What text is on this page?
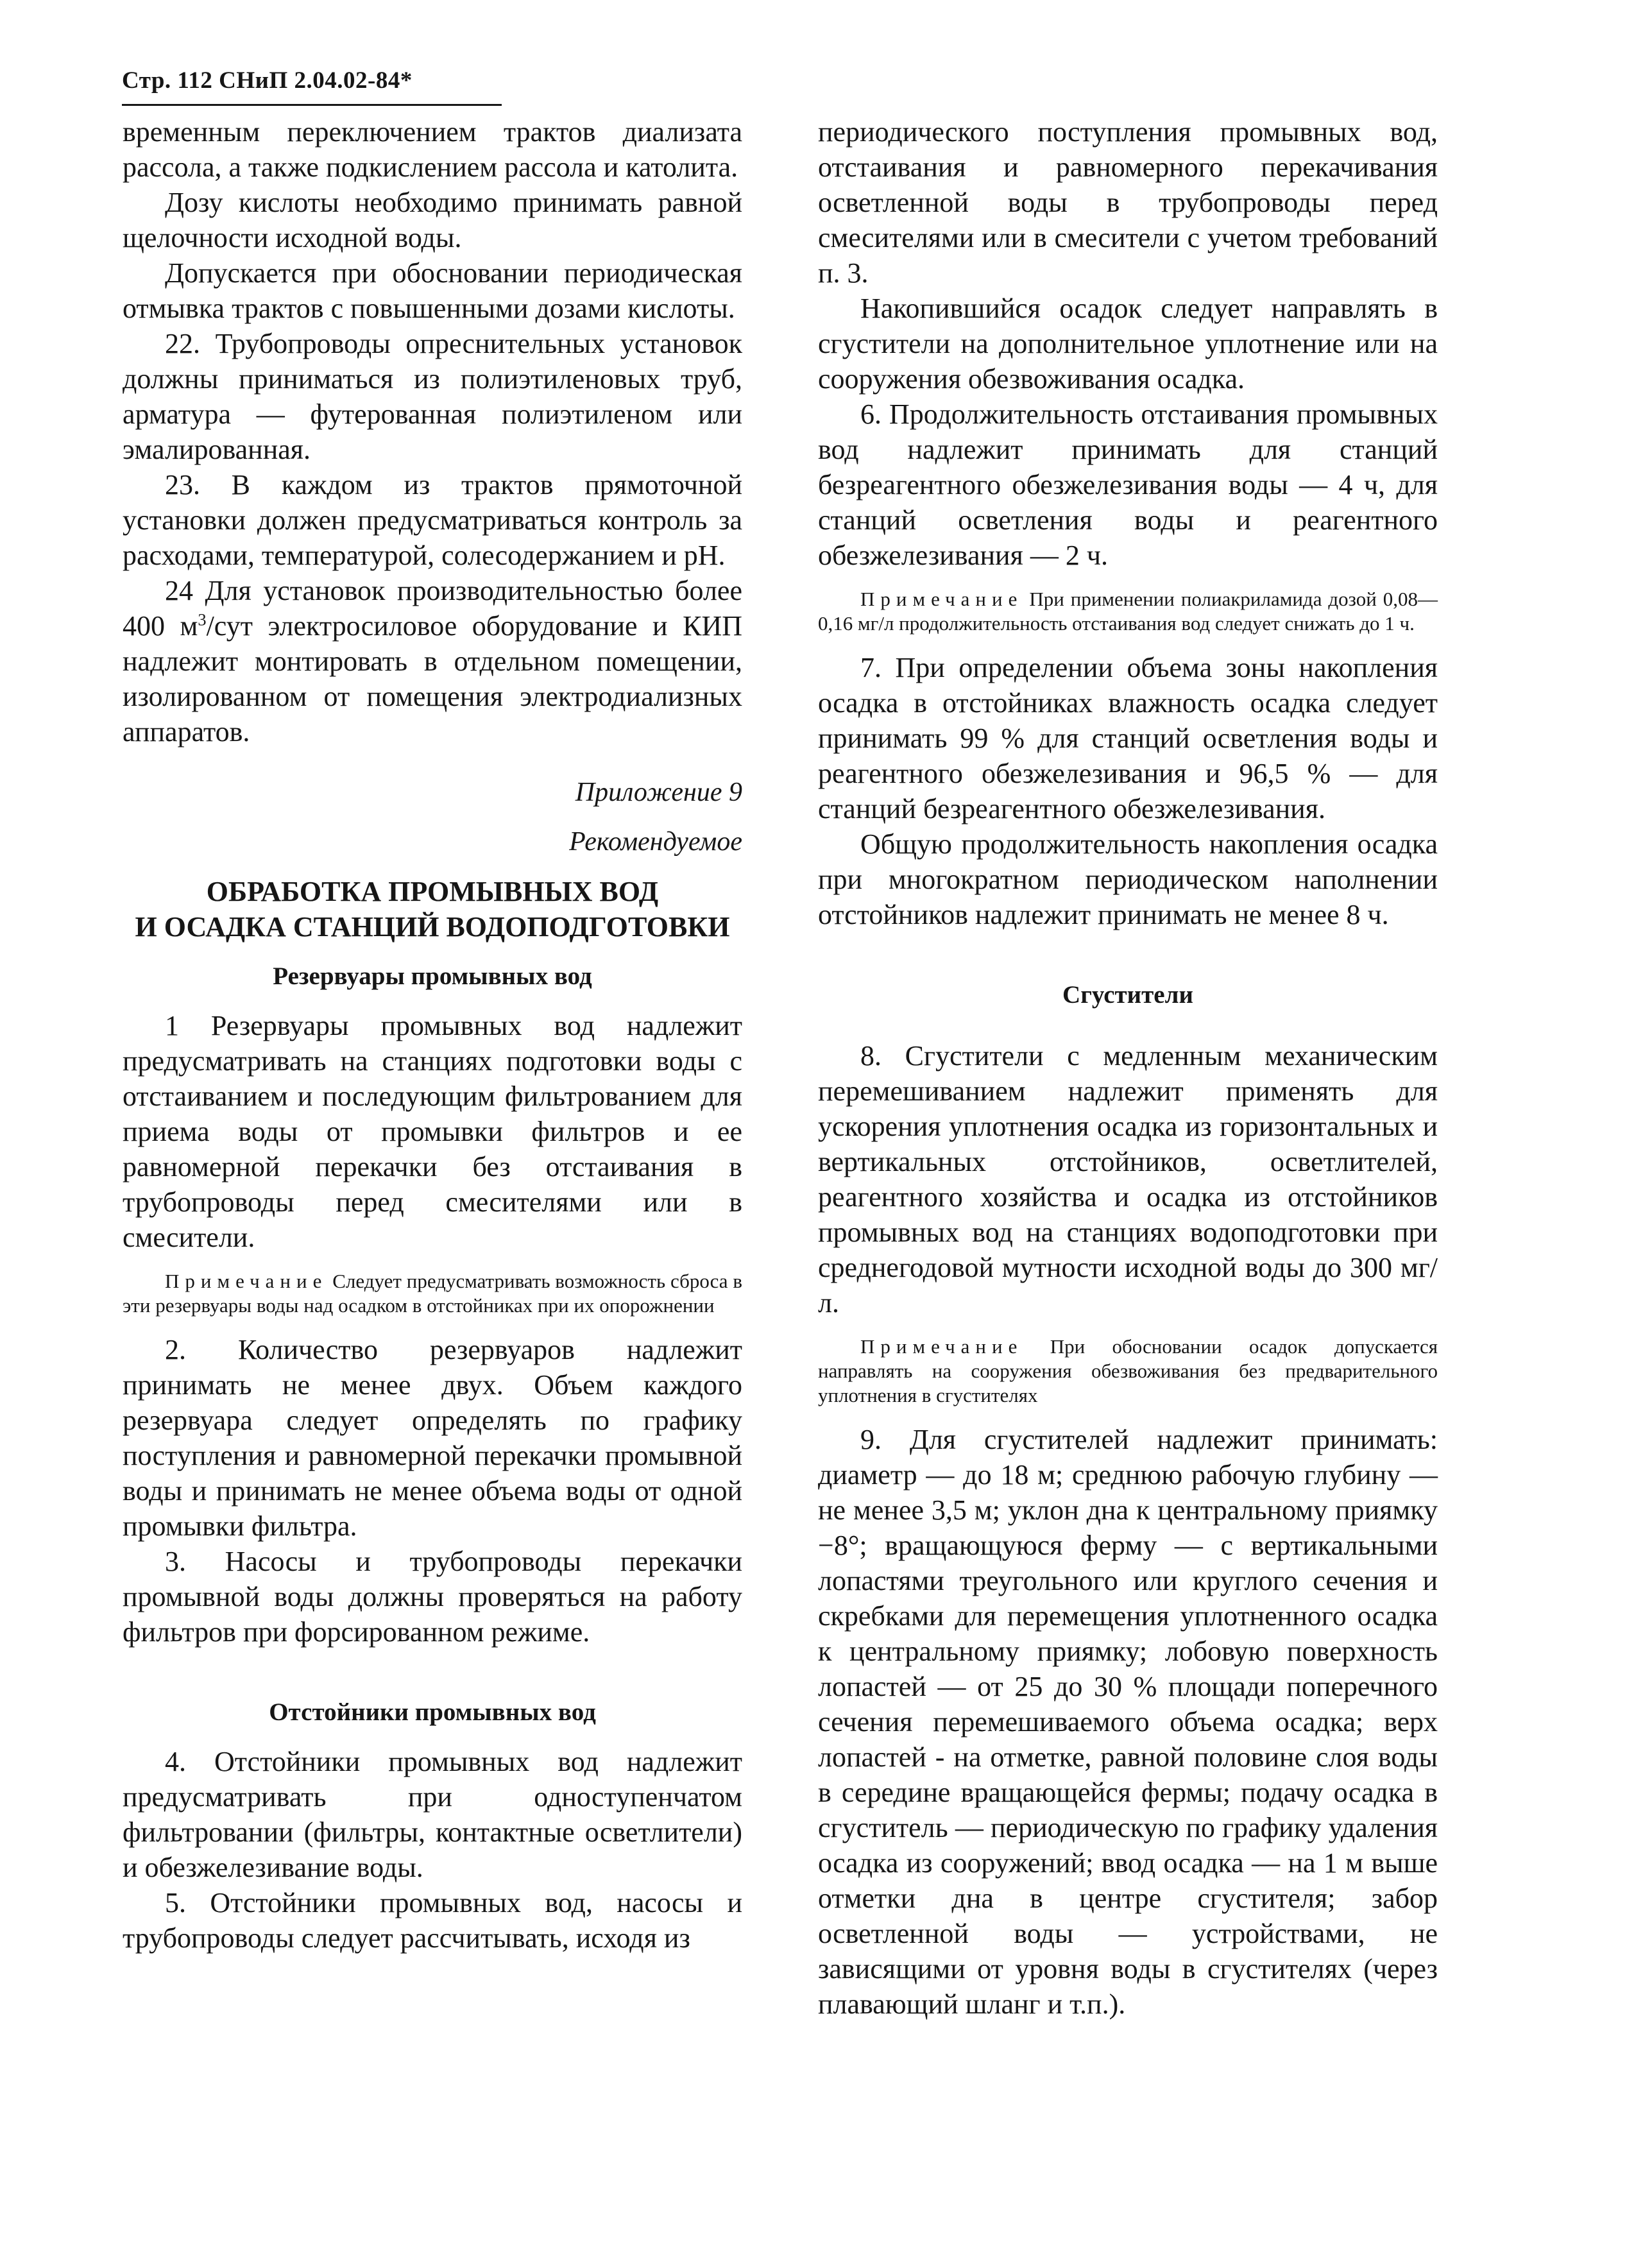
Стр. 112 СНиП 2.04.02-84*

временным переключением трактов диализата рассола, а также подкислением рассола и католита.

Дозу кислоты необходимо принимать равной щелочности исходной воды.

Допускается при обосновании периодическая отмывка трактов с повышенными дозами кислоты.

22. Трубопроводы опреснительных установок должны приниматься из полиэтиленовых труб, арматура — футерованная полиэтиленом или эмалированная.

23. В каждом из трактов прямоточной установки должен предусматриваться контроль за расходами, температурой, солесодержанием и pH.

24 Для установок производительностью более 400 $м^3$/сут электросиловое оборудование и КИП надлежит монтировать в отдельном помещении, изолированном от помещения электродиализных аппаратов.

Приложение 9

Рекомендуемое

ОБРАБОТКА ПРОМЫВНЫХ ВОД

И ОСАДКА СТАНЦИЙ ВОДОПОДГОТОВКИ

Резервуары промывных вод

1 Резервуары промывных вод надлежит предусматривать на станциях подготовки воды с отстаиванием и последующим фильтрованием для приема воды от промывки фильтров и ее равномерной перекачки без отстаивания в трубопроводы перед смесителями или в смесители.

Примечание Следует предусматривать возможность сброса в эти резервуары воды над осадком в отстойниках при их опорожнении

2. Количество резервуаров надлежит принимать не менее двух. Объем каждого резервуара следует определять по графику поступления и равномерной перекачки промывной воды и принимать не менее объема воды от одной промывки фильтра.

3. Насосы и трубопроводы перекачки промывной воды должны проверяться на работу фильтров при форсированном режиме.

Отстойники промывных вод

4. Отстойники промывных вод надлежит предусматривать при одноступенчатом фильтровании (фильтры, контактные осветлители) и обезжелезивание воды.

5. Отстойники промывных вод, насосы и трубопроводы следует рассчитывать, исходя из

периодического поступления промывных вод, отстаивания и равномерного перекачивания осветленной воды в трубопроводы перед смесителями или в смесители с учетом требований п. 3.

Накопившийся осадок следует направлять в сгустители на дополнительное уплотнение или на сооружения обезвоживания осадка.

6. Продолжительность отстаивания промывных вод надлежит принимать для станций безреагентного обезжелезивания воды — 4 ч, для станций осветления воды и реагентного обезжелезивания — 2 ч.

Примечание При применении полиакриламида дозой 0,08—0,16 мг/л продолжительность отстаивания вод следует снижать до 1 ч.

7. При определении объема зоны накопления осадка в отстойниках влажность осадка следует принимать 99 % для станций осветления воды и реагентного обезжелезивания и 96,5 % — для станций безреагентного обезжелезивания.

Общую продолжительность накопления осадка при многократном периодическом наполнении отстойников надлежит принимать не менее 8 ч.

Сгустители

8. Сгустители с медленным механическим перемешиванием надлежит применять для ускорения уплотнения осадка из горизонтальных и вертикальных отстойников, осветлителей, реагентного хозяйства и осадка из отстойников промывных вод на станциях водоподготовки при среднегодовой мутности исходной воды до 300 мг/л.

Примечание При обосновании осадок допускается направлять на сооружения обезвоживания без предварительного уплотнения в сгустителях

9. Для сгустителей надлежит принимать: диаметр — до 18 м; среднюю рабочую глубину — не менее 3,5 м; уклон дна к центральному приямку −8°; вращающуюся ферму — с вертикальными лопастями треугольного или круглого сечения и скребками для перемещения уплотненного осадка к центральному приямку; лобовую поверхность лопастей — от 25 до 30 % площади поперечного сечения перемешиваемого объема осадка; верх лопастей - на отметке, равной половине слоя воды в середине вращающейся фермы; подачу осадка в сгуститель — периодическую по графику удаления осадка из сооружений; ввод осадка — на 1 м выше отметки дна в центре сгустителя; забор осветленной воды — устройствами, не зависящими от уровня воды в сгустителях (через плавающий шланг и т.п.).
